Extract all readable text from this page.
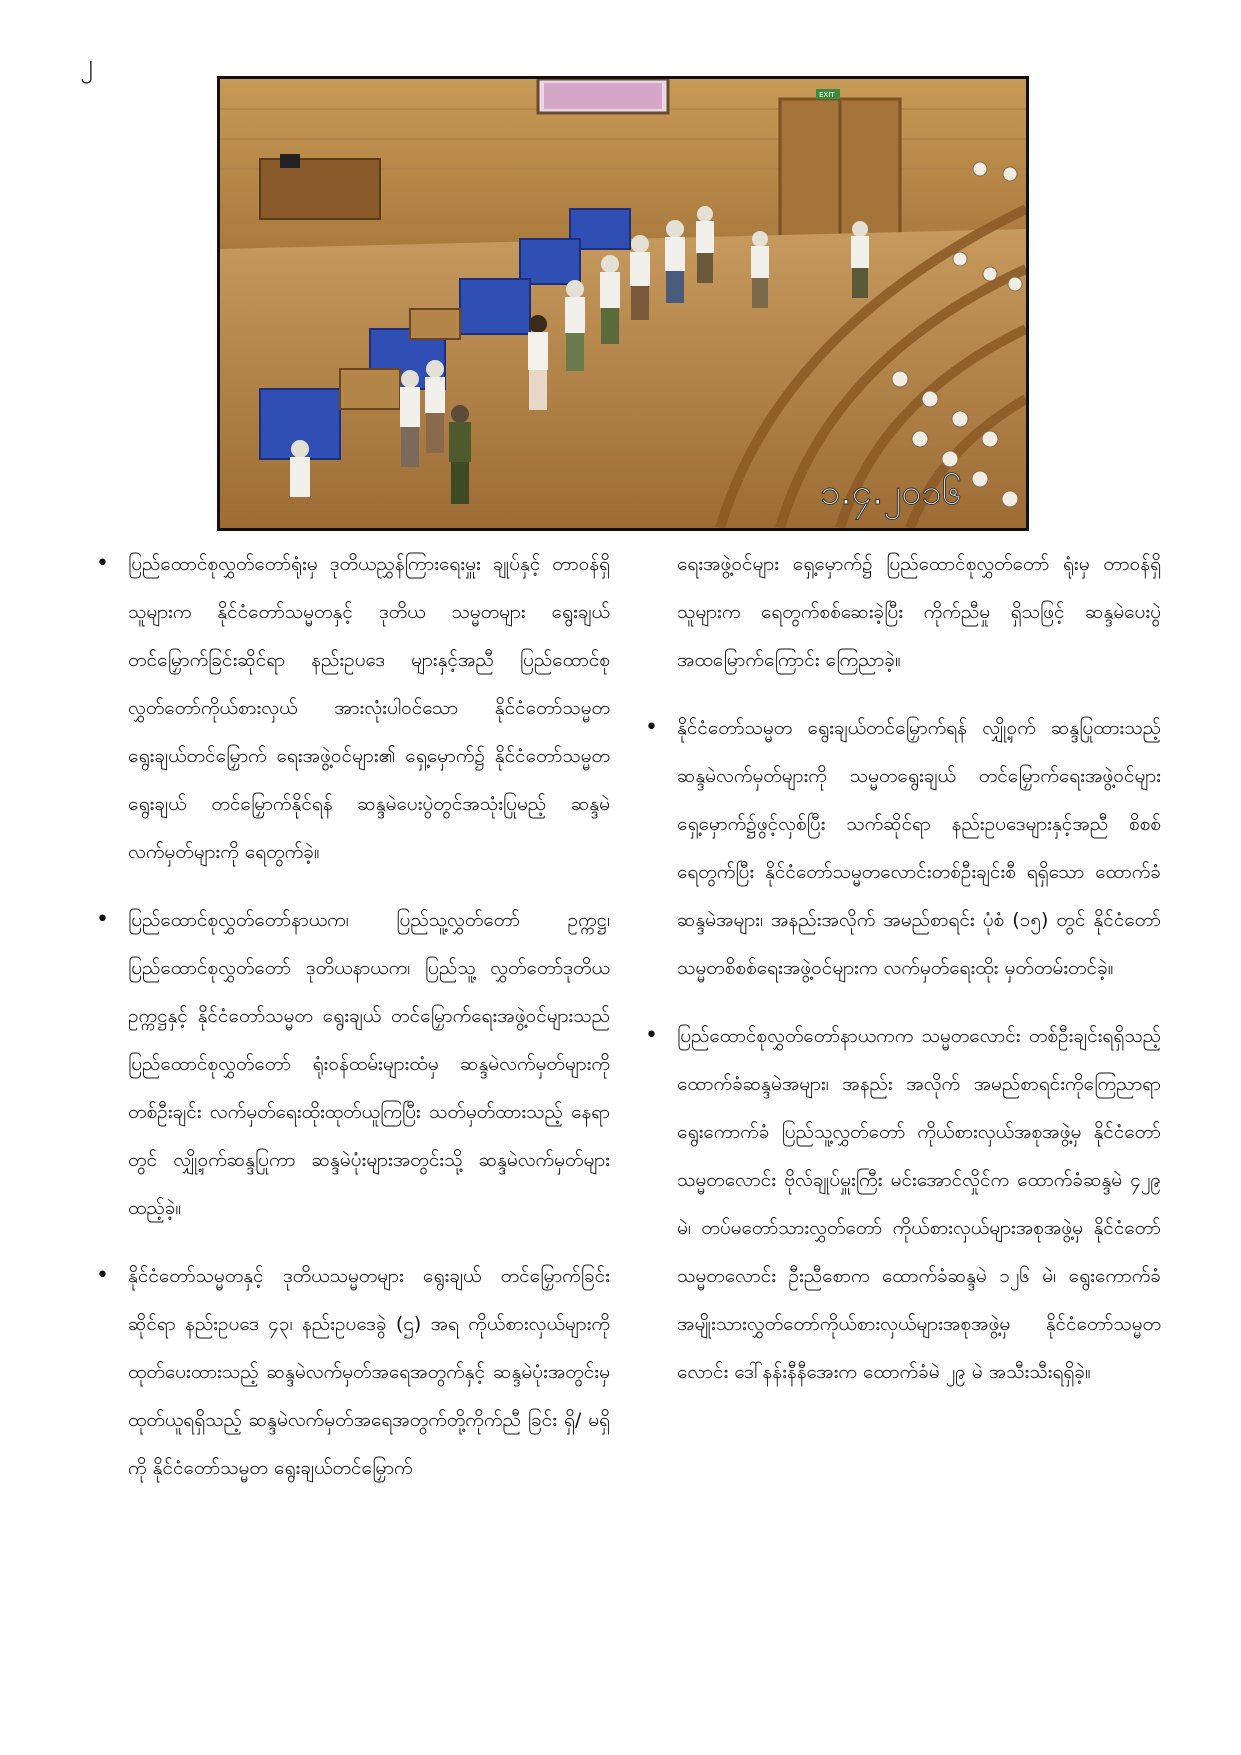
၂
EXIT
၁.၄.၂၀၁၆

• ပြည်ထောင်စုလွှတ်တော်ရုံးမှ ဒုတိယညွှန်ကြားရေးမှူး ချုပ်နှင့် တာဝန်ရှိသူများက နိုင်ငံတော်သမ္မတနှင့် ဒုတိယ သမ္မတများ ရွေးချယ်တင်မြှောက်ခြင်းဆိုင်ရာ နည်းဥပဒေ များနှင့်အညီ ပြည်ထောင်စုလွှတ်တော်ကိုယ်စားလှယ် အားလုံးပါဝင်သော နိုင်ငံတော်သမ္မတ ရွေးချယ်တင်မြှောက် ရေးအဖွဲ့ဝင်များ၏ ရှေ့မှောက်၌ နိုင်ငံတော်သမ္မတ ရွေးချယ် တင်မြှောက်နိုင်ရန် ဆန္ဒမဲပေးပွဲတွင်အသုံးပြုမည့် ဆန္ဒမဲ လက်မှတ်များကို ရေတွက်ခဲ့။

• ပြည်ထောင်စုလွှတ်တော်နာယက၊ ပြည်သူ့လွှတ်တော် ဥက္ကဋ္ဌ၊ ပြည်ထောင်စုလွှတ်တော် ဒုတိယနာယက၊ ပြည်သူ့ လွှတ်တော်ဒုတိယဥက္ကဋ္ဌနှင့် နိုင်ငံတော်သမ္မတ ရွေးချယ် တင်မြှောက်ရေးအဖွဲ့ဝင်များသည် ပြည်ထောင်စုလွှတ်တော် ရုံးဝန်ထမ်းများထံမှ ဆန္ဒမဲလက်မှတ်များကို တစ်ဦးချင်း လက်မှတ်ရေးထိုးထုတ်ယူကြပြီး သတ်မှတ်ထားသည့် နေရာတွင် လျှို့ဝှက်ဆန္ဒပြုကာ ဆန္ဒမဲပုံးများအတွင်းသို့ ဆန္ဒမဲလက်မှတ်များထည့်ခဲ့။

• နိုင်ငံတော်သမ္မတနှင့် ဒုတိယသမ္မတများ ရွေးချယ် တင်မြှောက်ခြင်းဆိုင်ရာ နည်းဥပဒေ ၄၃၊ နည်းဥပဒေခွဲ (ဌ) အရ ကိုယ်စားလှယ်များကို ထုတ်ပေးထားသည့် ဆန္ဒမဲလက်မှတ်အရေအတွက်နှင့် ဆန္ဒမဲပုံးအတွင်းမှ ထုတ်ယူရရှိသည့် ဆန္ဒမဲလက်မှတ်အရေအတွက်တို့ကိုက်ညီ ခြင်း ရှိ/ မရှိကို နိုင်ငံတော်သမ္မတ ရွေးချယ်တင်မြှောက်

ရေးအဖွဲ့ဝင်များ ရှေ့မှောက်၌ ပြည်ထောင်စုလွှတ်တော် ရုံးမှ တာဝန်ရှိသူများက ရေတွက်စစ်ဆေးခဲ့ပြီး ကိုက်ညီမှု ရှိသဖြင့် ဆန္ဒမဲပေးပွဲ အထမြောက်ကြောင်း ကြေညာခဲ့။

• နိုင်ငံတော်သမ္မတ ရွေးချယ်တင်မြှောက်ရန် လျှို့ဝှက် ဆန္ဒပြုထားသည့် ဆန္ဒမဲလက်မှတ်များကို သမ္မတရွေးချယ် တင်မြှောက်ရေးအဖွဲ့ဝင်များ ရှေ့မှောက်၌ဖွင့်လှစ်ပြီး သက်ဆိုင်ရာ နည်းဥပဒေများနှင့်အညီ စိစစ်ရေတွက်ပြီး နိုင်ငံတော်သမ္မတလောင်းတစ်ဦးချင်းစီ ရရှိသော ထောက်ခံဆန္ဒမဲအများ၊ အနည်းအလိုက် အမည်စာရင်း ပုံစံ (၁၅) တွင် နိုင်ငံတော်သမ္မတစိစစ်ရေးအဖွဲ့ဝင်များက လက်မှတ်ရေးထိုး မှတ်တမ်းတင်ခဲ့။

• ပြည်ထောင်စုလွှတ်တော်နာယကက သမ္မတလောင်း တစ်ဦးချင်းရရှိသည့် ထောက်ခံဆန္ဒမဲအများ၊ အနည်း အလိုက် အမည်စာရင်းကိုကြေညာရာ ရွေးကောက်ခံ ပြည်သူ့လွှတ်တော် ကိုယ်စားလှယ်အစုအဖွဲ့မှ နိုင်ငံတော် သမ္မတလောင်း ဗိုလ်ချုပ်မှူးကြီး မင်းအောင်လှိုင်က ထောက်ခံဆန္ဒမဲ ၄၂၉ မဲ၊ တပ်မတော်သားလွှတ်တော် ကိုယ်စားလှယ်များအစုအဖွဲ့မှ နိုင်ငံတော်သမ္မတလောင်း ဦးညီစောက ထောက်ခံဆန္ဒမဲ ၁၂၆ မဲ၊ ရွေးကောက်ခံ အမျိုးသားလွှတ်တော်ကိုယ်စားလှယ်များအစုအဖွဲ့မှ နိုင်ငံတော်သမ္မတလောင်း ဒေါ်နန်းနီနီအေးက ထောက်ခံမဲ ၂၉ မဲ အသီးသီးရရှိခဲ့။
